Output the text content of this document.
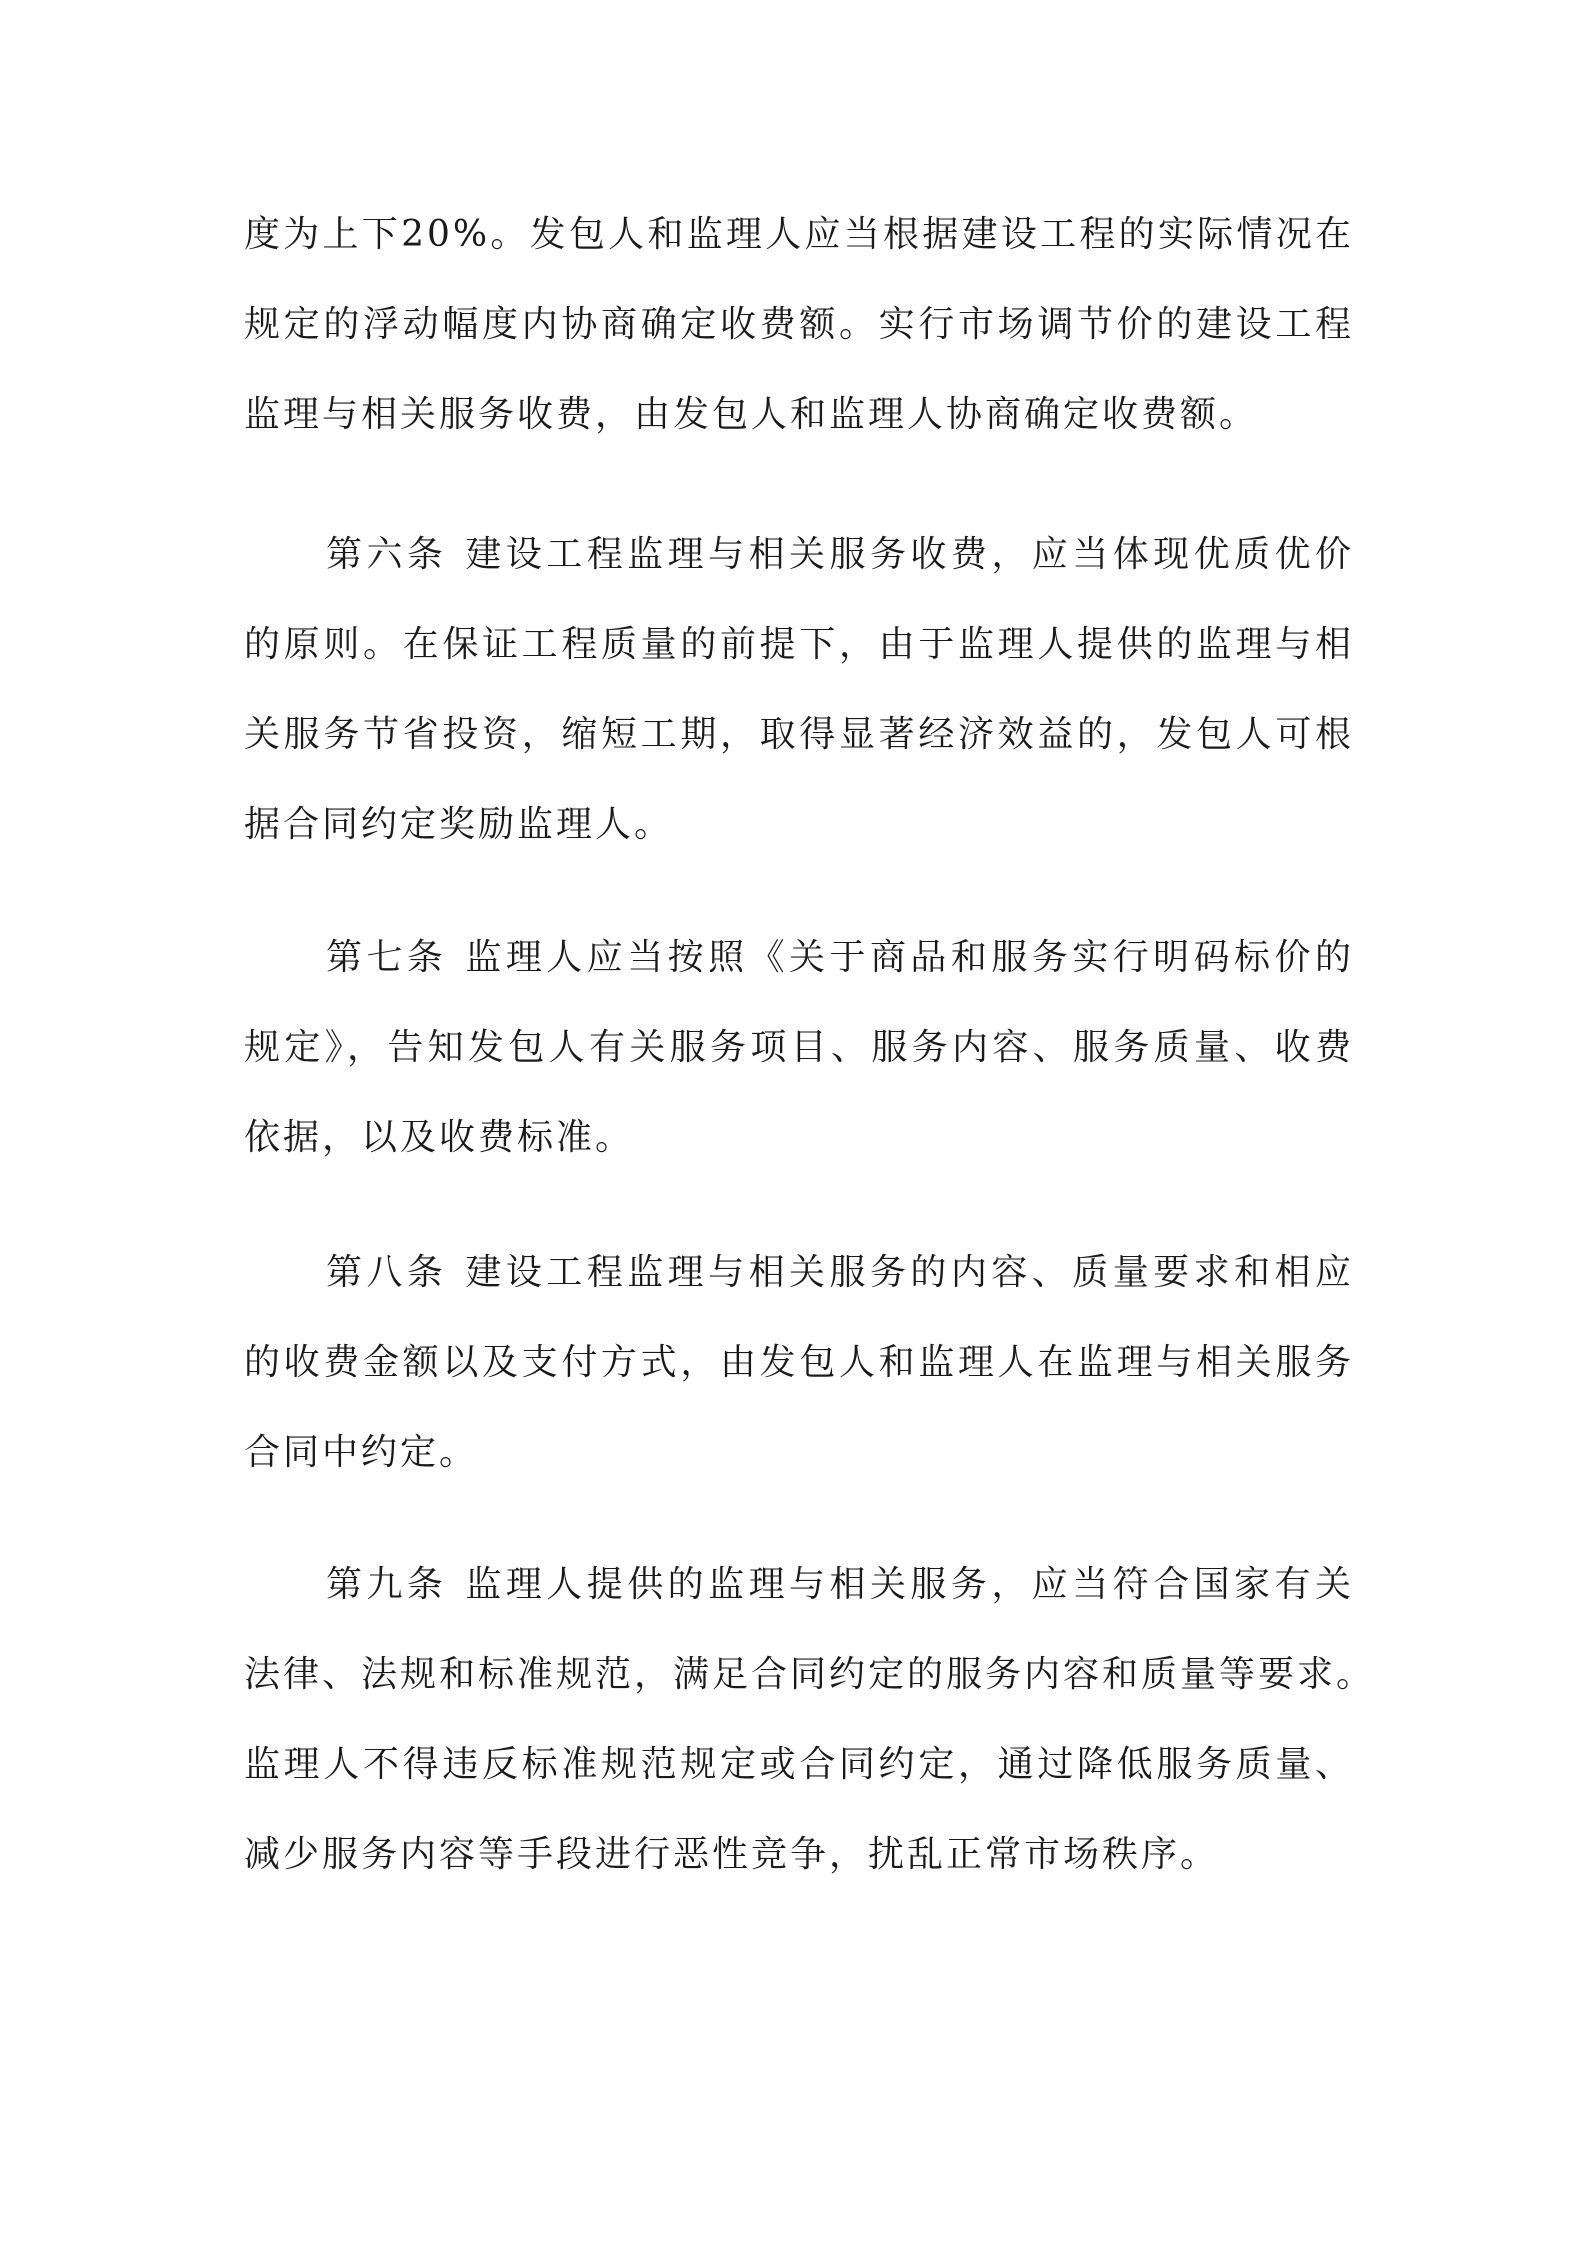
度为上下20%。发包人和监理人应当根据建设工程的实际情况在
规定的浮动幅度内协商确定收费额。实行市场调节价的建设工程
监理与相关服务收费，由发包人和监理人协商确定收费额。
第六条 建设工程监理与相关服务收费，应当体现优质优价
的原则。在保证工程质量的前提下，由于监理人提供的监理与相
关服务节省投资，缩短工期，取得显著经济效益的，发包人可根
据合同约定奖励监理人。
第七条 监理人应当按照《关于商品和服务实行明码标价的
规定》，告知发包人有关服务项目、服务内容、服务质量、收费
依据，以及收费标准。
第八条 建设工程监理与相关服务的内容、质量要求和相应
的收费金额以及支付方式，由发包人和监理人在监理与相关服务
合同中约定。
第九条 监理人提供的监理与相关服务，应当符合国家有关
法律、法规和标准规范，满足合同约定的服务内容和质量等要求。
监理人不得违反标准规范规定或合同约定，通过降低服务质量、
减少服务内容等手段进行恶性竞争，扰乱正常市场秩序。
